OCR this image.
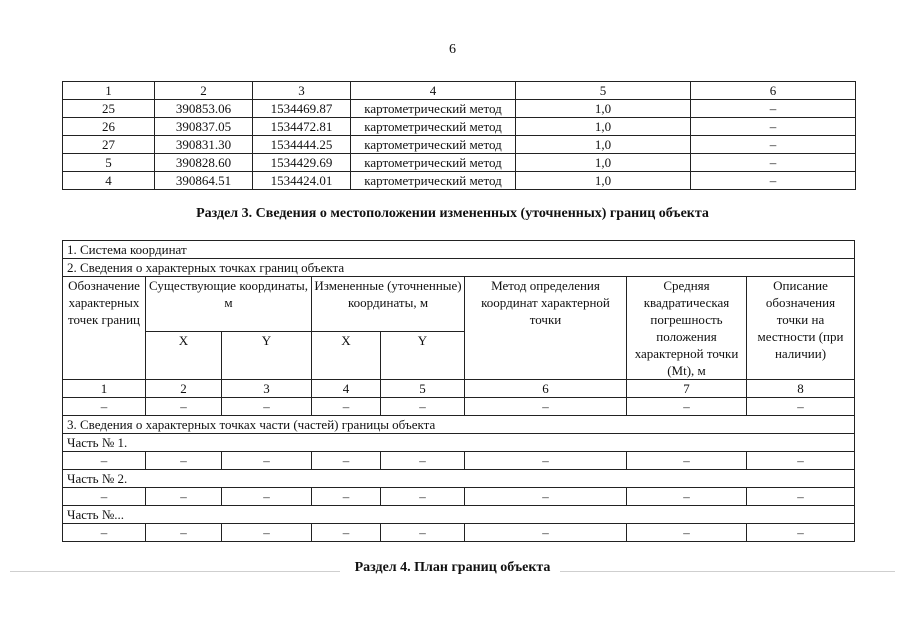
6
1	2	3	4	5	6
25	390853.06	1534469.87	картометрический метод	1,0	–
26	390837.05	1534472.81	картометрический метод	1,0	–
27	390831.30	1534444.25	картометрический метод	1,0	–
5	390828.60	1534429.69	картометрический метод	1,0	–
4	390864.51	1534424.01	картометрический метод	1,0	–
Раздел 3. Сведения о местоположении измененных (уточненных) границ объекта
1. Система координат							
2. Сведения о характерных точках границ объекта							
Обозначение характерных точек границ	Существующие координаты, м		Измененные (уточненные) координаты, м		Метод определения координат характерной точки	Средняя квадратическая погрешность положения характерной точки (Mt), м	Описание обозначения точки на местности (при наличии)
	X	Y	X	Y			
1	2	3	4	5	6	7	8
–	–	–	–	–	–	–	–
3. Сведения о характерных точках части (частей) границы объекта							
Часть № 1.							
–	–	–	–	–	–	–	–
Часть № 2.							
–	–	–	–	–	–	–	–
Часть №...							
–	–	–	–	–	–	–	–
Раздел 4. План границ объекта
